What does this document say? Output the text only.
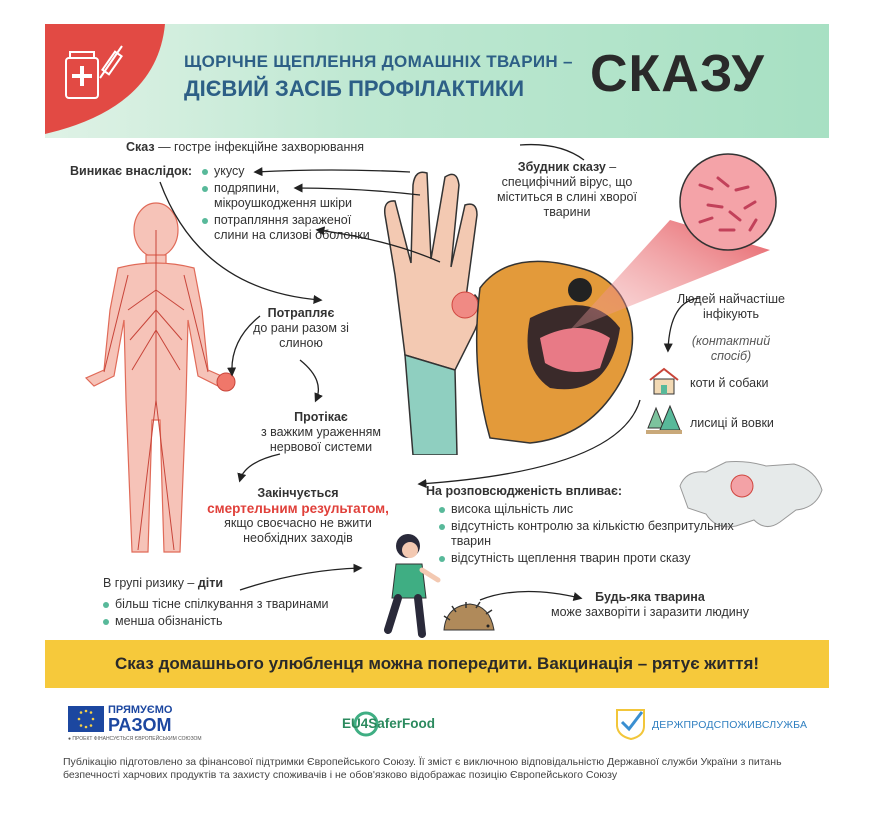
ЩОРІЧНЕ ЩЕПЛЕННЯ ДОМАШНІХ ТВАРИН –
ДІЄВИЙ ЗАСІБ ПРОФІЛАКТИКИ СКАЗУ
Сказ — гостре інфекційне захворювання
Виникає внаслідок:	укусу
подряпини, мікроушкодження шкіри
потрапляння зараженої слини на слизові оболонки
Збудник сказу – специфічний вірус, що міститься в слині хворої тварини
Потрапляє
до рани разом зі слиною
Протікає
з важким ураженням нервової системи
Закінчується
смертельним результатом,
якщо своєчасно не вжити необхідних заходів
Людей найчастіше інфікують
(контактний спосіб)
коти й собаки
лисиці й вовки
На розповсюдженість впливає:
висока щільність лис
відсутність контролю за кількістю безпритульних тварин
відсутність щеплення тварин проти сказу
В групі ризику – діти
більш тісне спілкування з тваринами
менша обізнаність
Будь-яка тварина
може захворіти і заразити людину
Сказ домашнього улюбленця можна попередити. Вакцинація – рятує життя!
ПРЯМУЄМО
РАЗОМ
● ПРОЕКТ ФІНАНСУЄТЬСЯ ЄВРОПЕЙСЬКИМ СОЮЗОМ
EU4SaferFood	ДЕРЖПРОДСПОЖИВСЛУЖБА
Публікацію підготовлено за фінансової підтримки Європейського Союзу. Її зміст є виключною відповідальністю Державної служби України з питань безпечності харчових продуктів та захисту споживачів і не обов'язково відображає позицію Європейського Союзу
